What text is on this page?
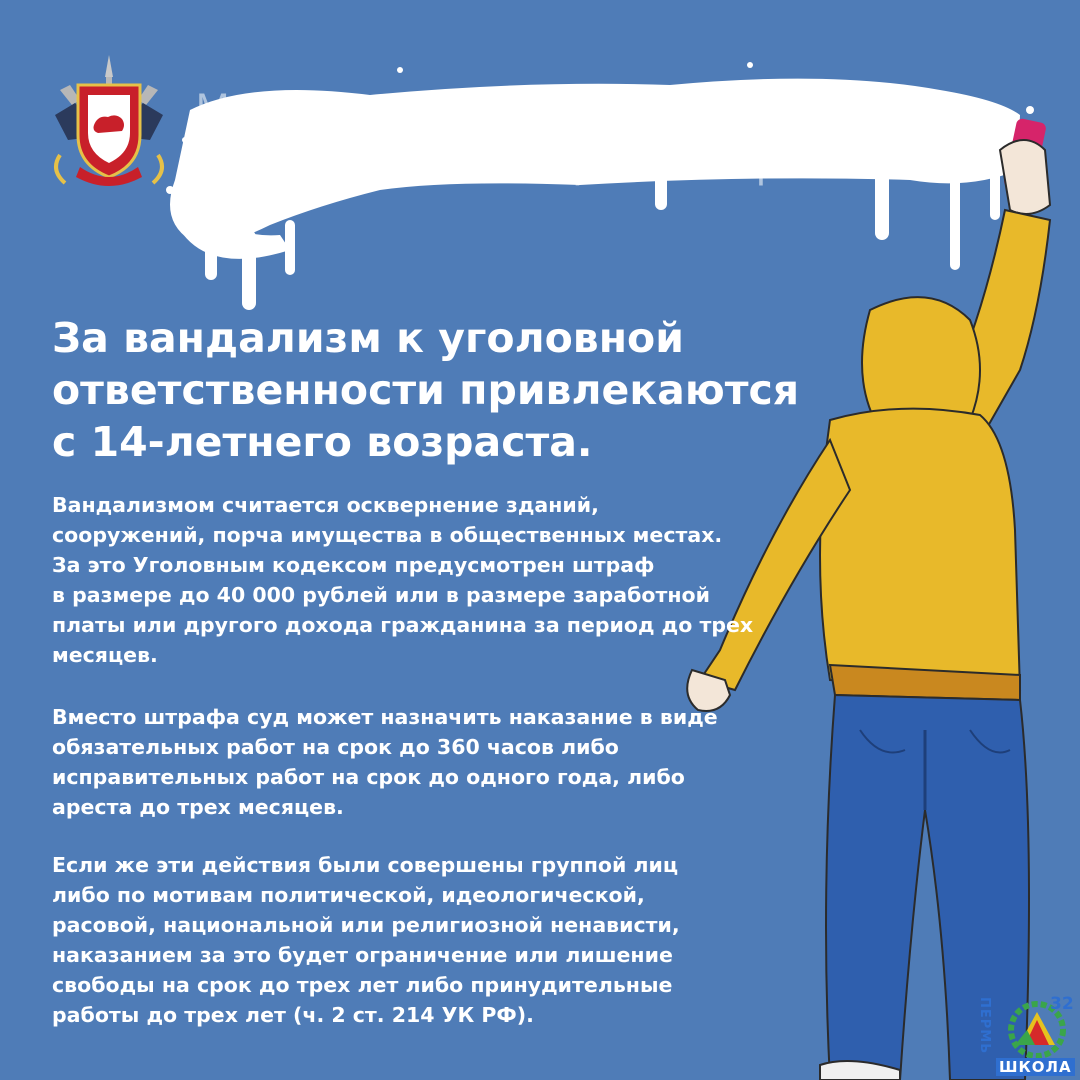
За вандализм к уголовной
ответственности привлекаются
с 14-летнего возраста.
Вандализмом считается осквернение зданий,
сооружений, порча имущества в общественных местах.
За это Уголовным кодексом предусмотрен штраф
в размере до 40 000 рублей или в размере заработной
платы или другого дохода гражданина за период до трех
месяцев.
Вместо штрафа суд может назначить наказание в виде
обязательных работ на срок до 360 часов либо
исправительных работ на срок до одного года, либо
ареста до трех месяцев.
Если же эти действия были совершены группой лиц
либо по мотивам политической, идеологической,
расовой, национальной или религиозной ненависти,
наказанием за это будет ограничение или лишение
свободы на срок до трех лет либо принудительные
работы до трех лет (ч. 2 ст. 214 УК РФ).	ПЕРМЬ	32
ШКОЛА
